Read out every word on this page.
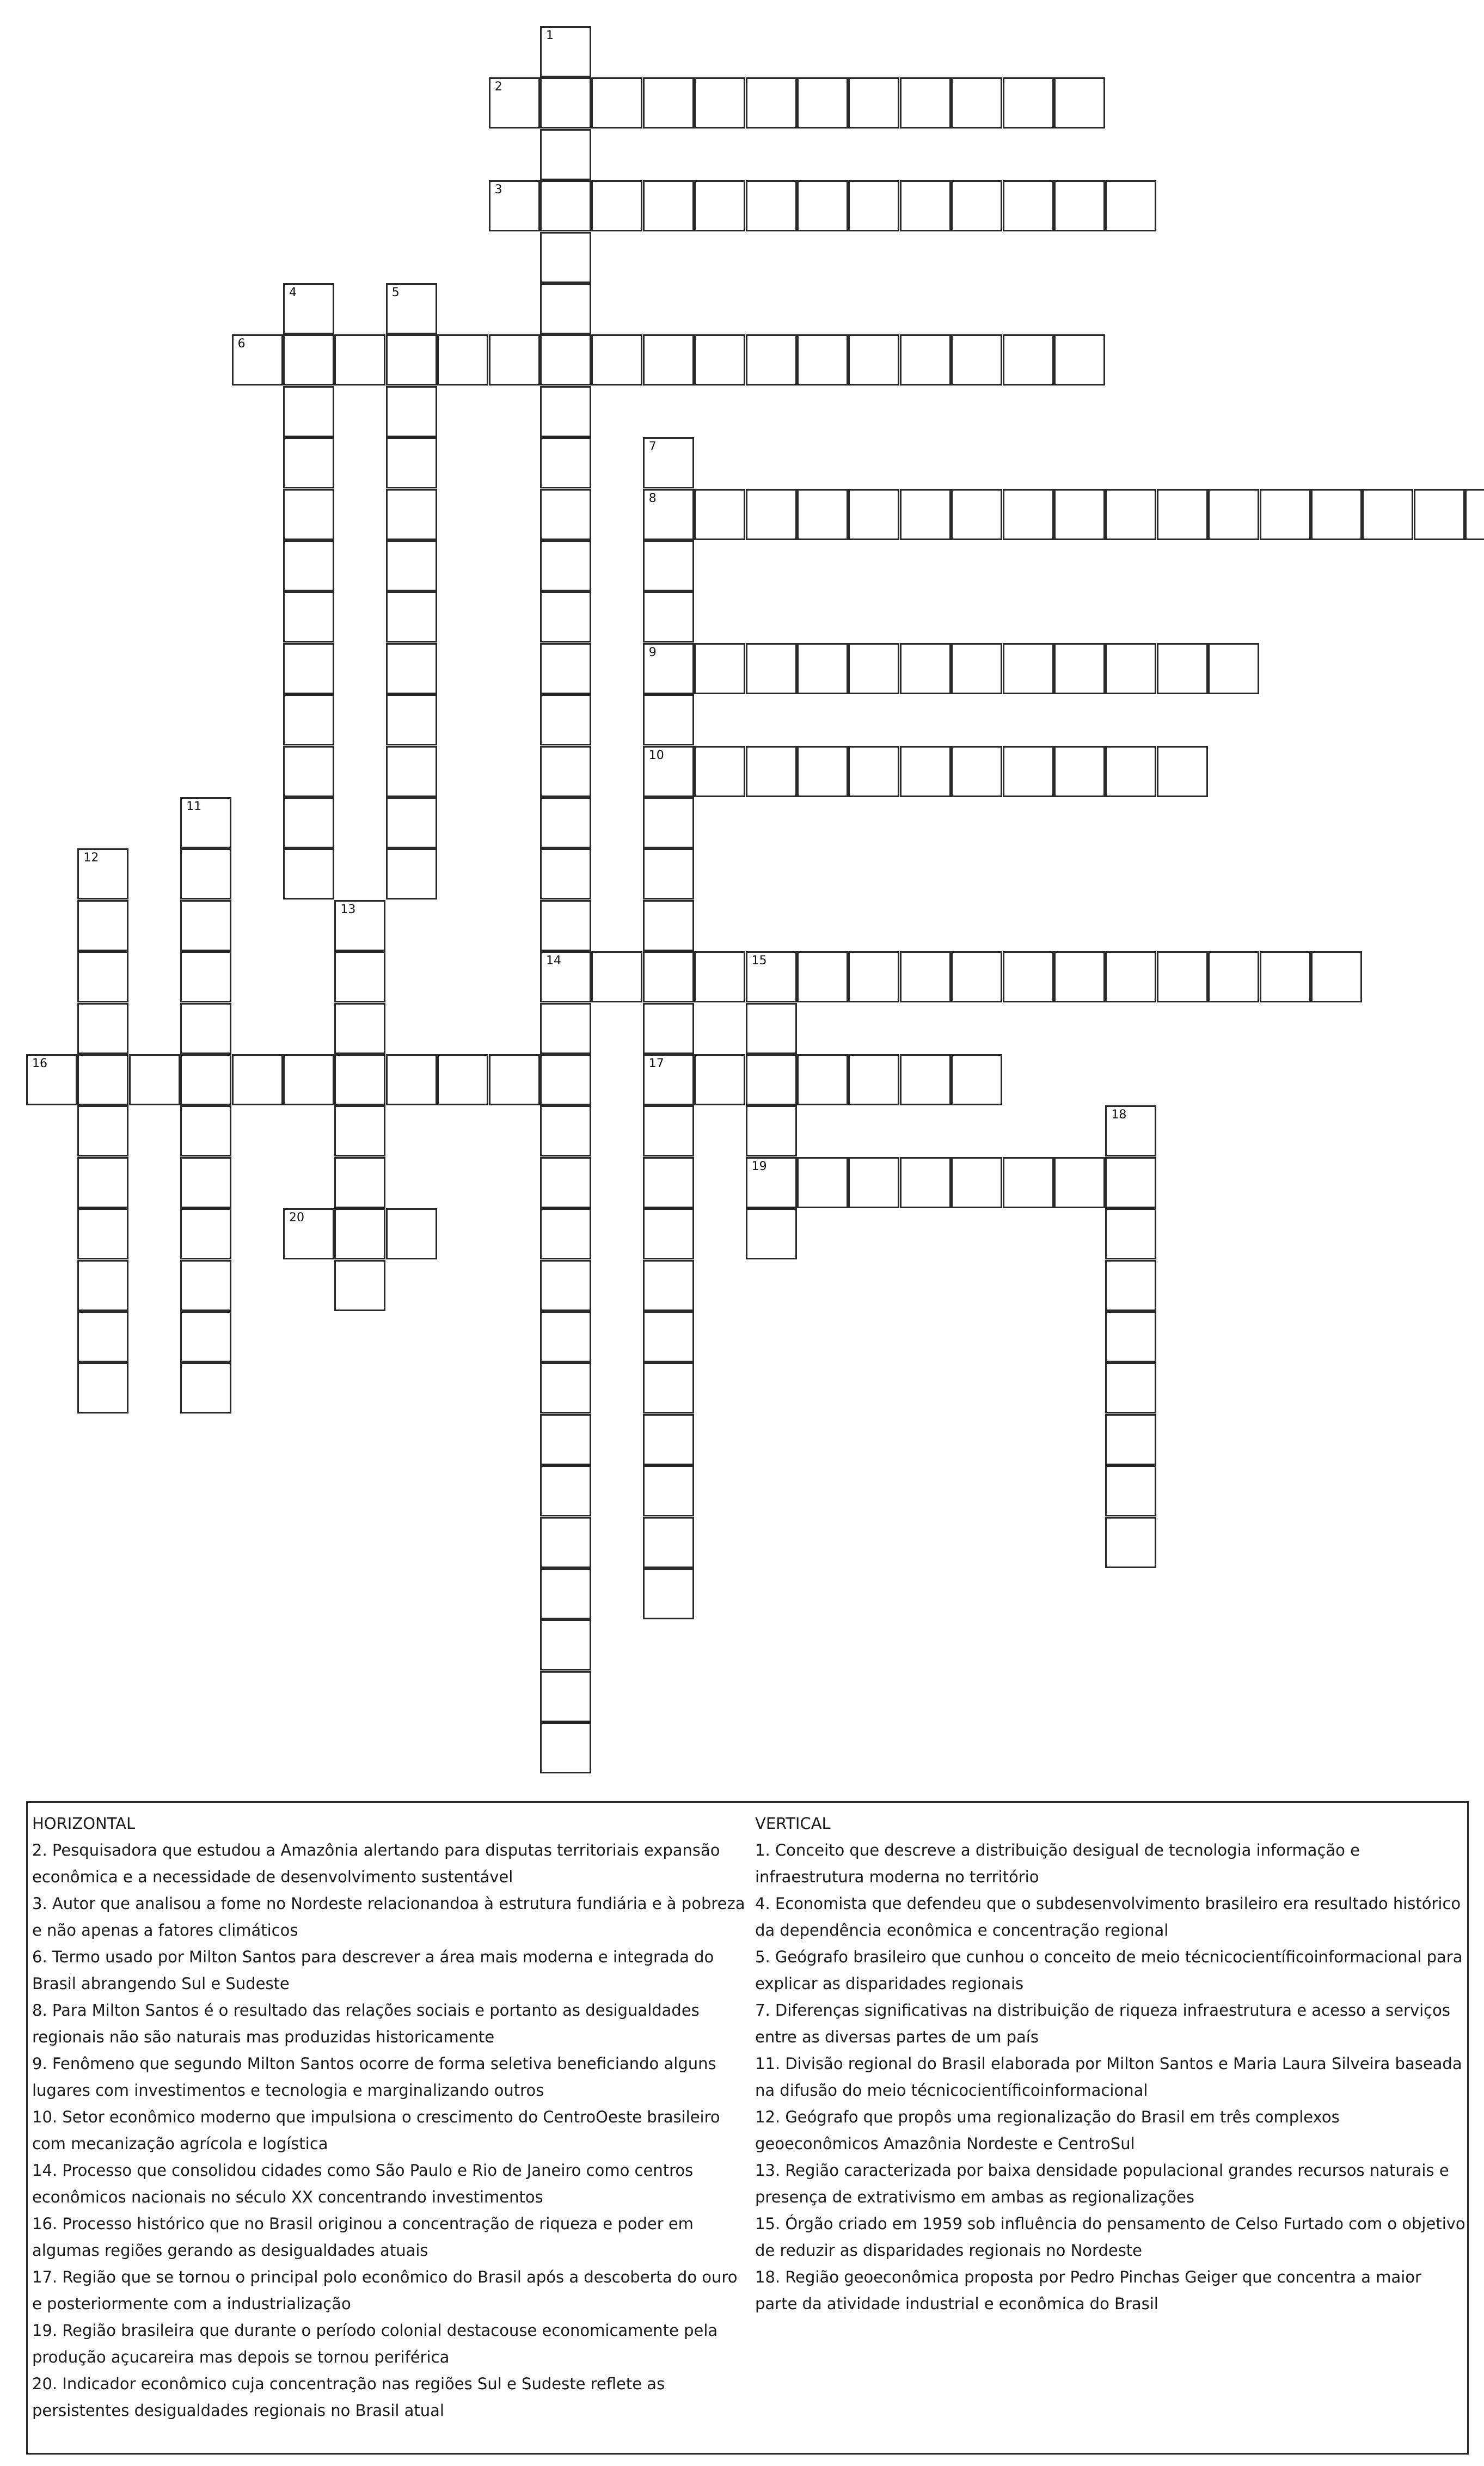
1
14
2
3
4	5
6
7
8
9
10
17
11
12
13
15
19
16
18
20
HORIZONTAL

2. Pesquisadora que estudou a Amazônia alertando para disputas territoriais expansão econômica e a necessidade de desenvolvimento sustentável

3. Autor que analisou a fome no Nordeste relacionandoa à estrutura fundiária e à pobreza e não apenas a fatores climáticos

6. Termo usado por Milton Santos para descrever a área mais moderna e integrada do Brasil abrangendo Sul e Sudeste

8. Para Milton Santos é o resultado das relações sociais e portanto as desigualdades regionais não são naturais mas produzidas historicamente

9. Fenômeno que segundo Milton Santos ocorre de forma seletiva beneficiando alguns lugares com investimentos e tecnologia e marginalizando outros

10. Setor econômico moderno que impulsiona o crescimento do CentroOeste brasileiro com mecanização agrícola e logística

14. Processo que consolidou cidades como São Paulo e Rio de Janeiro como centros econômicos nacionais no século XX concentrando investimentos

16. Processo histórico que no Brasil originou a concentração de riqueza e poder em algumas regiões gerando as desigualdades atuais

17. Região que se tornou o principal polo econômico do Brasil após a descoberta do ouro e posteriormente com a industrialização

19. Região brasileira que durante o período colonial destacouse economicamente pela produção açucareira mas depois se tornou periférica

20. Indicador econômico cuja concentração nas regiões Sul e Sudeste reflete as persistentes desigualdades regionais no Brasil atual

VERTICAL

1. Conceito que descreve a distribuição desigual de tecnologia informação e infraestrutura moderna no território

4. Economista que defendeu que o subdesenvolvimento brasileiro era resultado histórico da dependência econômica e concentração regional

5. Geógrafo brasileiro que cunhou o conceito de meio técnicocientíficoinformacional para explicar as disparidades regionais

7. Diferenças significativas na distribuição de riqueza infraestrutura e acesso a serviços entre as diversas partes de um país

11. Divisão regional do Brasil elaborada por Milton Santos e Maria Laura Silveira baseada na difusão do meio técnicocientíficoinformacional

12. Geógrafo que propôs uma regionalização do Brasil em três complexos geoeconômicos Amazônia Nordeste e CentroSul

13. Região caracterizada por baixa densidade populacional grandes recursos naturais e presença de extrativismo em ambas as regionalizações

15. Órgão criado em 1959 sob influência do pensamento de Celso Furtado com o objetivo de reduzir as disparidades regionais no Nordeste

18. Região geoeconômica proposta por Pedro Pinchas Geiger que concentra a maior parte da atividade industrial e econômica do Brasil
